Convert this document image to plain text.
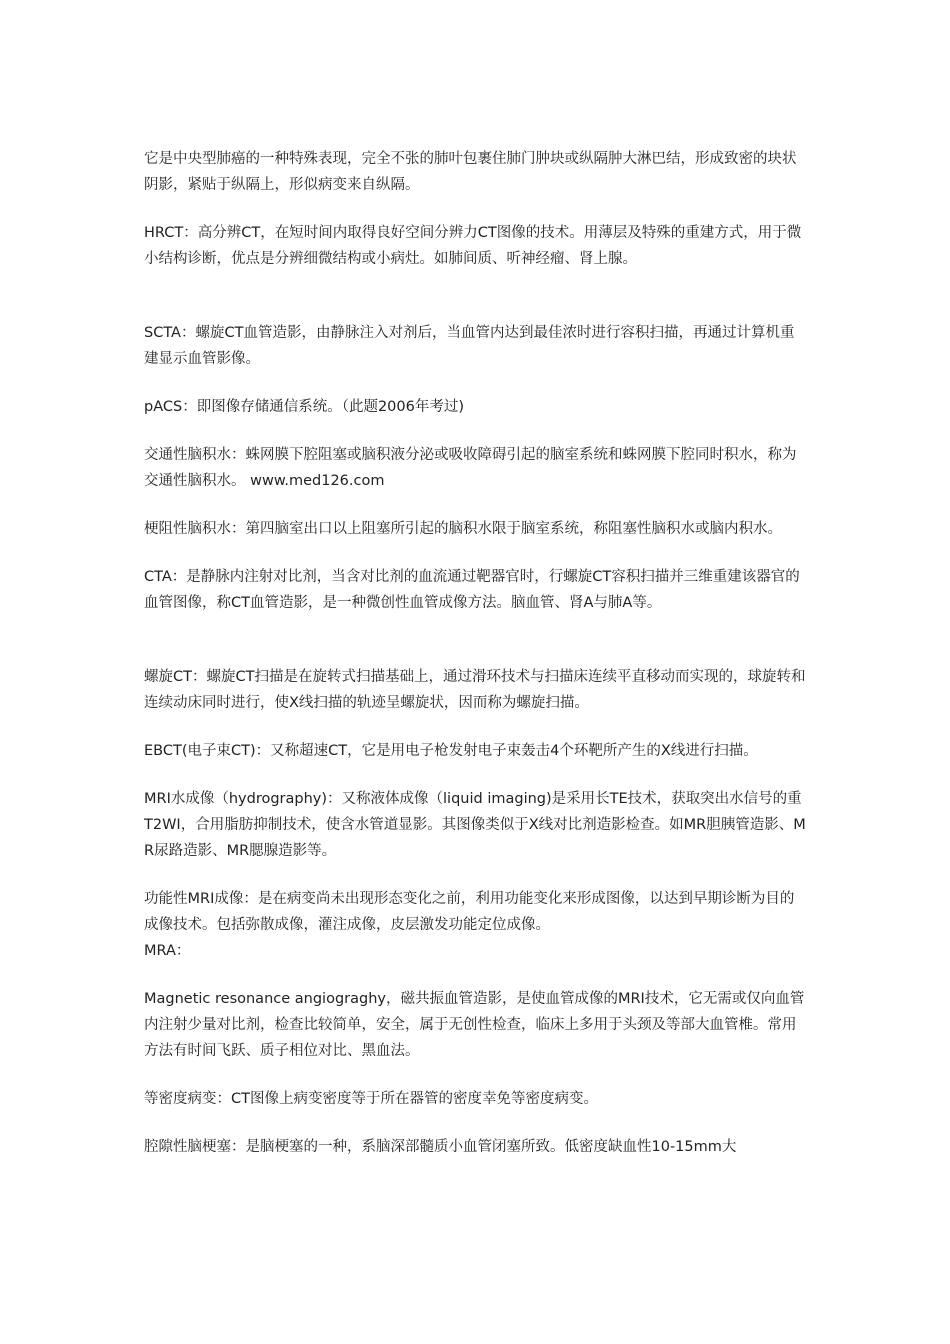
它是中央型肺癌的一种特殊表现，完全不张的肺叶包裹住肺门肿块或纵隔肿大淋巴结，形成致密的块状阴影，紧贴于纵隔上，形似病变来自纵隔。

HRCT：高分辨CT，在短时间内取得良好空间分辨力CT图像的技术。用薄层及特殊的重建方式，用于微小结构诊断，优点是分辨细微结构或小病灶。如肺间质、听神经瘤、肾上腺。

SCTA：螺旋CT血管造影，由静脉注入对剂后，当血管内达到最佳浓时进行容积扫描，再通过计算机重建显示血管影像。

pACS：即图像存储通信系统。（此题2006年考过)

交通性脑积水：蛛网膜下腔阻塞或脑积液分泌或吸收障碍引起的脑室系统和蛛网膜下腔同时积水，称为交通性脑积水。 www.med126.com

梗阻性脑积水：第四脑室出口以上阻塞所引起的脑积水限于脑室系统，称阻塞性脑积水或脑内积水。

CTA：是静脉内注射对比剂，当含对比剂的血流通过靶器官时，行螺旋CT容积扫描并三维重建该器官的血管图像，称CT血管造影，是一种微创性血管成像方法。脑血管、肾A与肺A等。

螺旋CT：螺旋CT扫描是在旋转式扫描基础上，通过滑环技术与扫描床连续平直移动而实现的，球旋转和连续动床同时进行，使X线扫描的轨迹呈螺旋状，因而称为螺旋扫描。

EBCT(电子束CT)：又称超速CT，它是用电子枪发射电子束轰击4个环靶所产生的X线进行扫描。

MRI水成像（hydrography)：又称液体成像（liquid imaging)是采用长TE技术，获取突出水信号的重T2WI，合用脂肪抑制技术，使含水管道显影。其图像类似于X线对比剂造影检查。如MR胆胰管造影、MR尿路造影、MR腮腺造影等。

功能性MRI成像：是在病变尚未出现形态变化之前，利用功能变化来形成图像，以达到早期诊断为目的成像技术。包括弥散成像，灌注成像，皮层激发功能定位成像。

MRA：

Magnetic resonance angiograghy，磁共振血管造影，是使血管成像的MRI技术，它无需或仅向血管内注射少量对比剂，检查比较简单，安全，属于无创性检查，临床上多用于头颈及等部大血管椎。常用方法有时间飞跃、质子相位对比、黑血法。

等密度病变：CT图像上病变密度等于所在器管的密度幸免等密度病变。

腔隙性脑梗塞：是脑梗塞的一种，系脑深部髓质小血管闭塞所致。低密度缺血性10-15mm大
